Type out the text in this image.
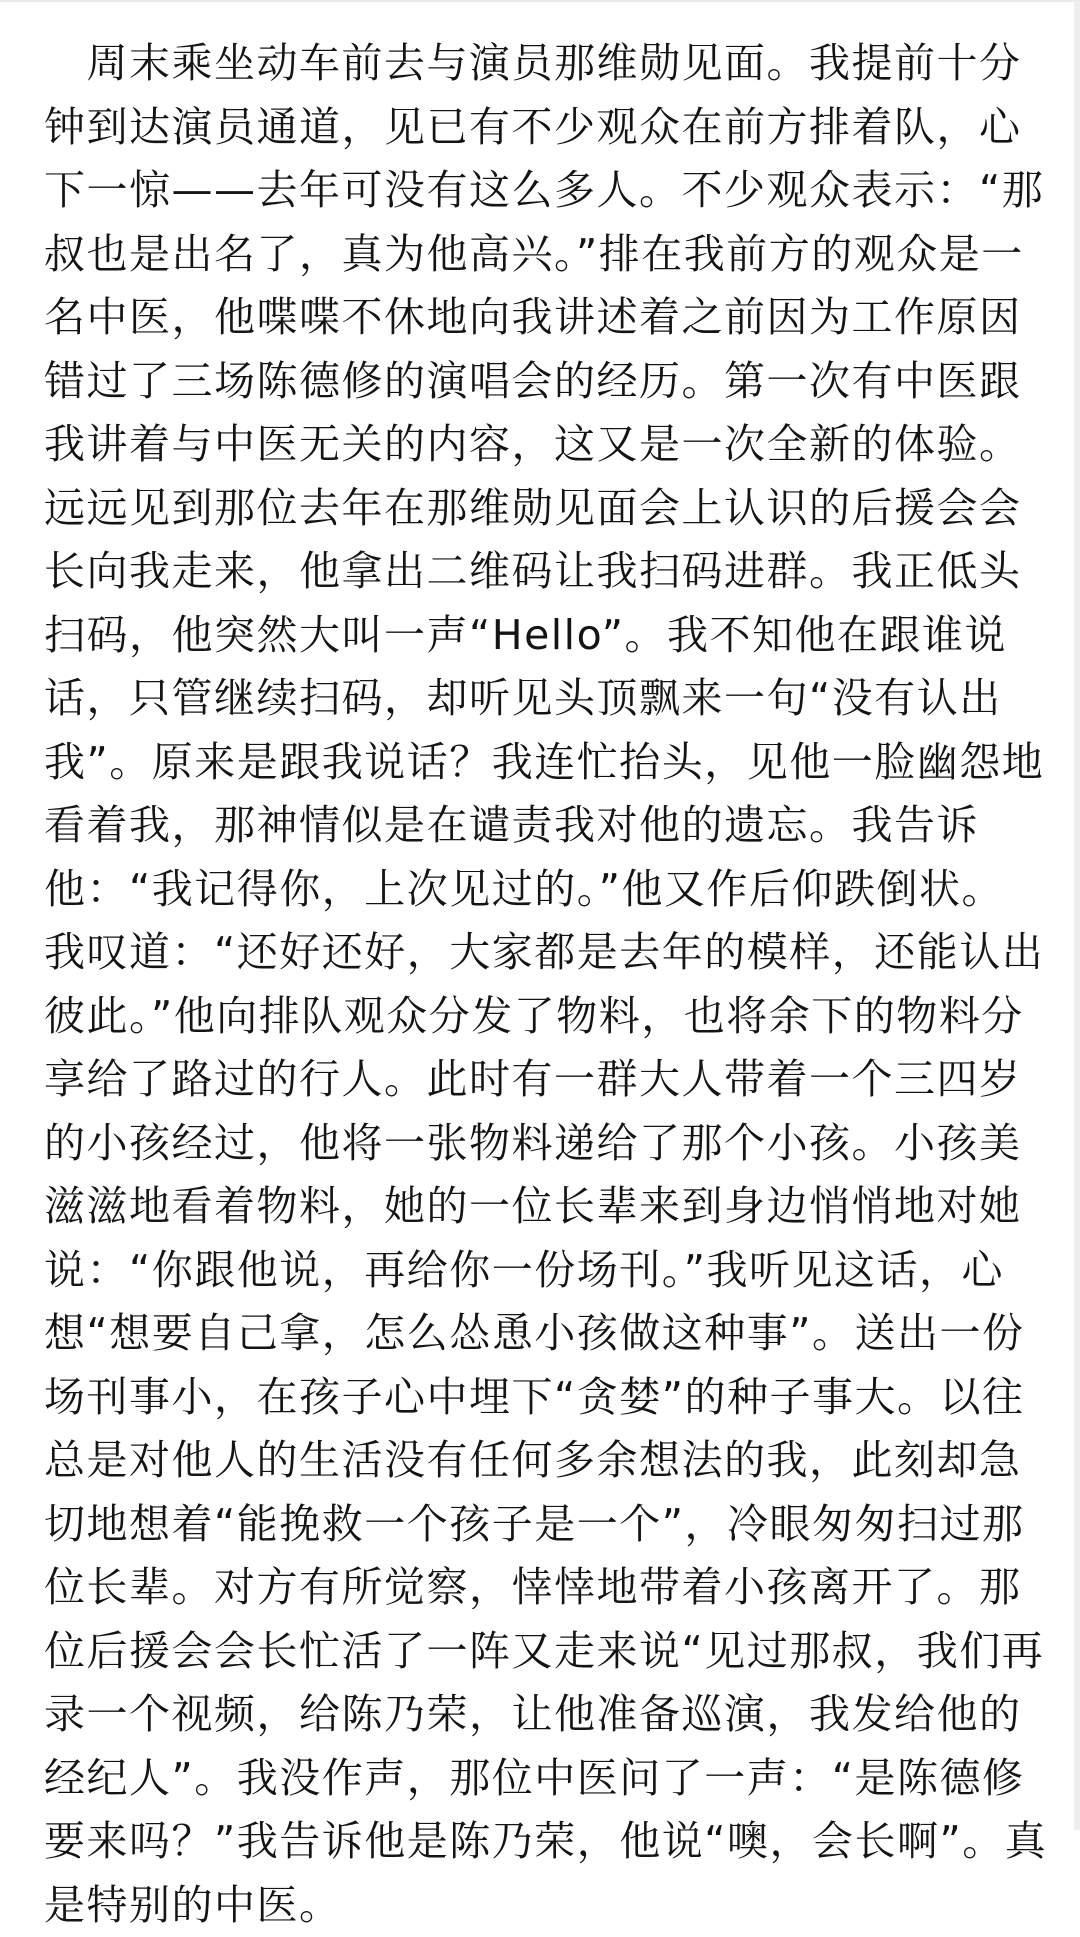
　周末乘坐动车前去与演员那维勋见面。我提前十分
钟到达演员通道，见已有不少观众在前方排着队，心
下一惊——去年可没有这么多人。不少观众表示：“那
叔也是出名了，真为他高兴。”排在我前方的观众是一
名中医，他喋喋不休地向我讲述着之前因为工作原因
错过了三场陈德修的演唱会的经历。第一次有中医跟
我讲着与中医无关的内容，这又是一次全新的体验。
远远见到那位去年在那维勋见面会上认识的后援会会
长向我走来，他拿出二维码让我扫码进群。我正低头
扫码，他突然大叫一声“Hello”。我不知他在跟谁说
话，只管继续扫码，却听见头顶飘来一句“没有认出
我”。原来是跟我说话？我连忙抬头，见他一脸幽怨地
看着我，那神情似是在谴责我对他的遗忘。我告诉
他：“我记得你，上次见过的。”他又作后仰跌倒状。
我叹道：“还好还好，大家都是去年的模样，还能认出
彼此。”他向排队观众分发了物料，也将余下的物料分
享给了路过的行人。此时有一群大人带着一个三四岁
的小孩经过，他将一张物料递给了那个小孩。小孩美
滋滋地看着物料，她的一位长辈来到身边悄悄地对她
说：“你跟他说，再给你一份场刊。”我听见这话，心
想“想要自己拿，怎么怂恿小孩做这种事”。送出一份
场刊事小，在孩子心中埋下“贪婪”的种子事大。以往
总是对他人的生活没有任何多余想法的我，此刻却急
切地想着“能挽救一个孩子是一个”，冷眼匆匆扫过那
位长辈。对方有所觉察，悻悻地带着小孩离开了。那
位后援会会长忙活了一阵又走来说“见过那叔，我们再
录一个视频，给陈乃荣，让他准备巡演，我发给他的
经纪人”。我没作声，那位中医问了一声：“是陈德修
要来吗？”我告诉他是陈乃荣，他说“噢，会长啊”。真
是特别的中医。
